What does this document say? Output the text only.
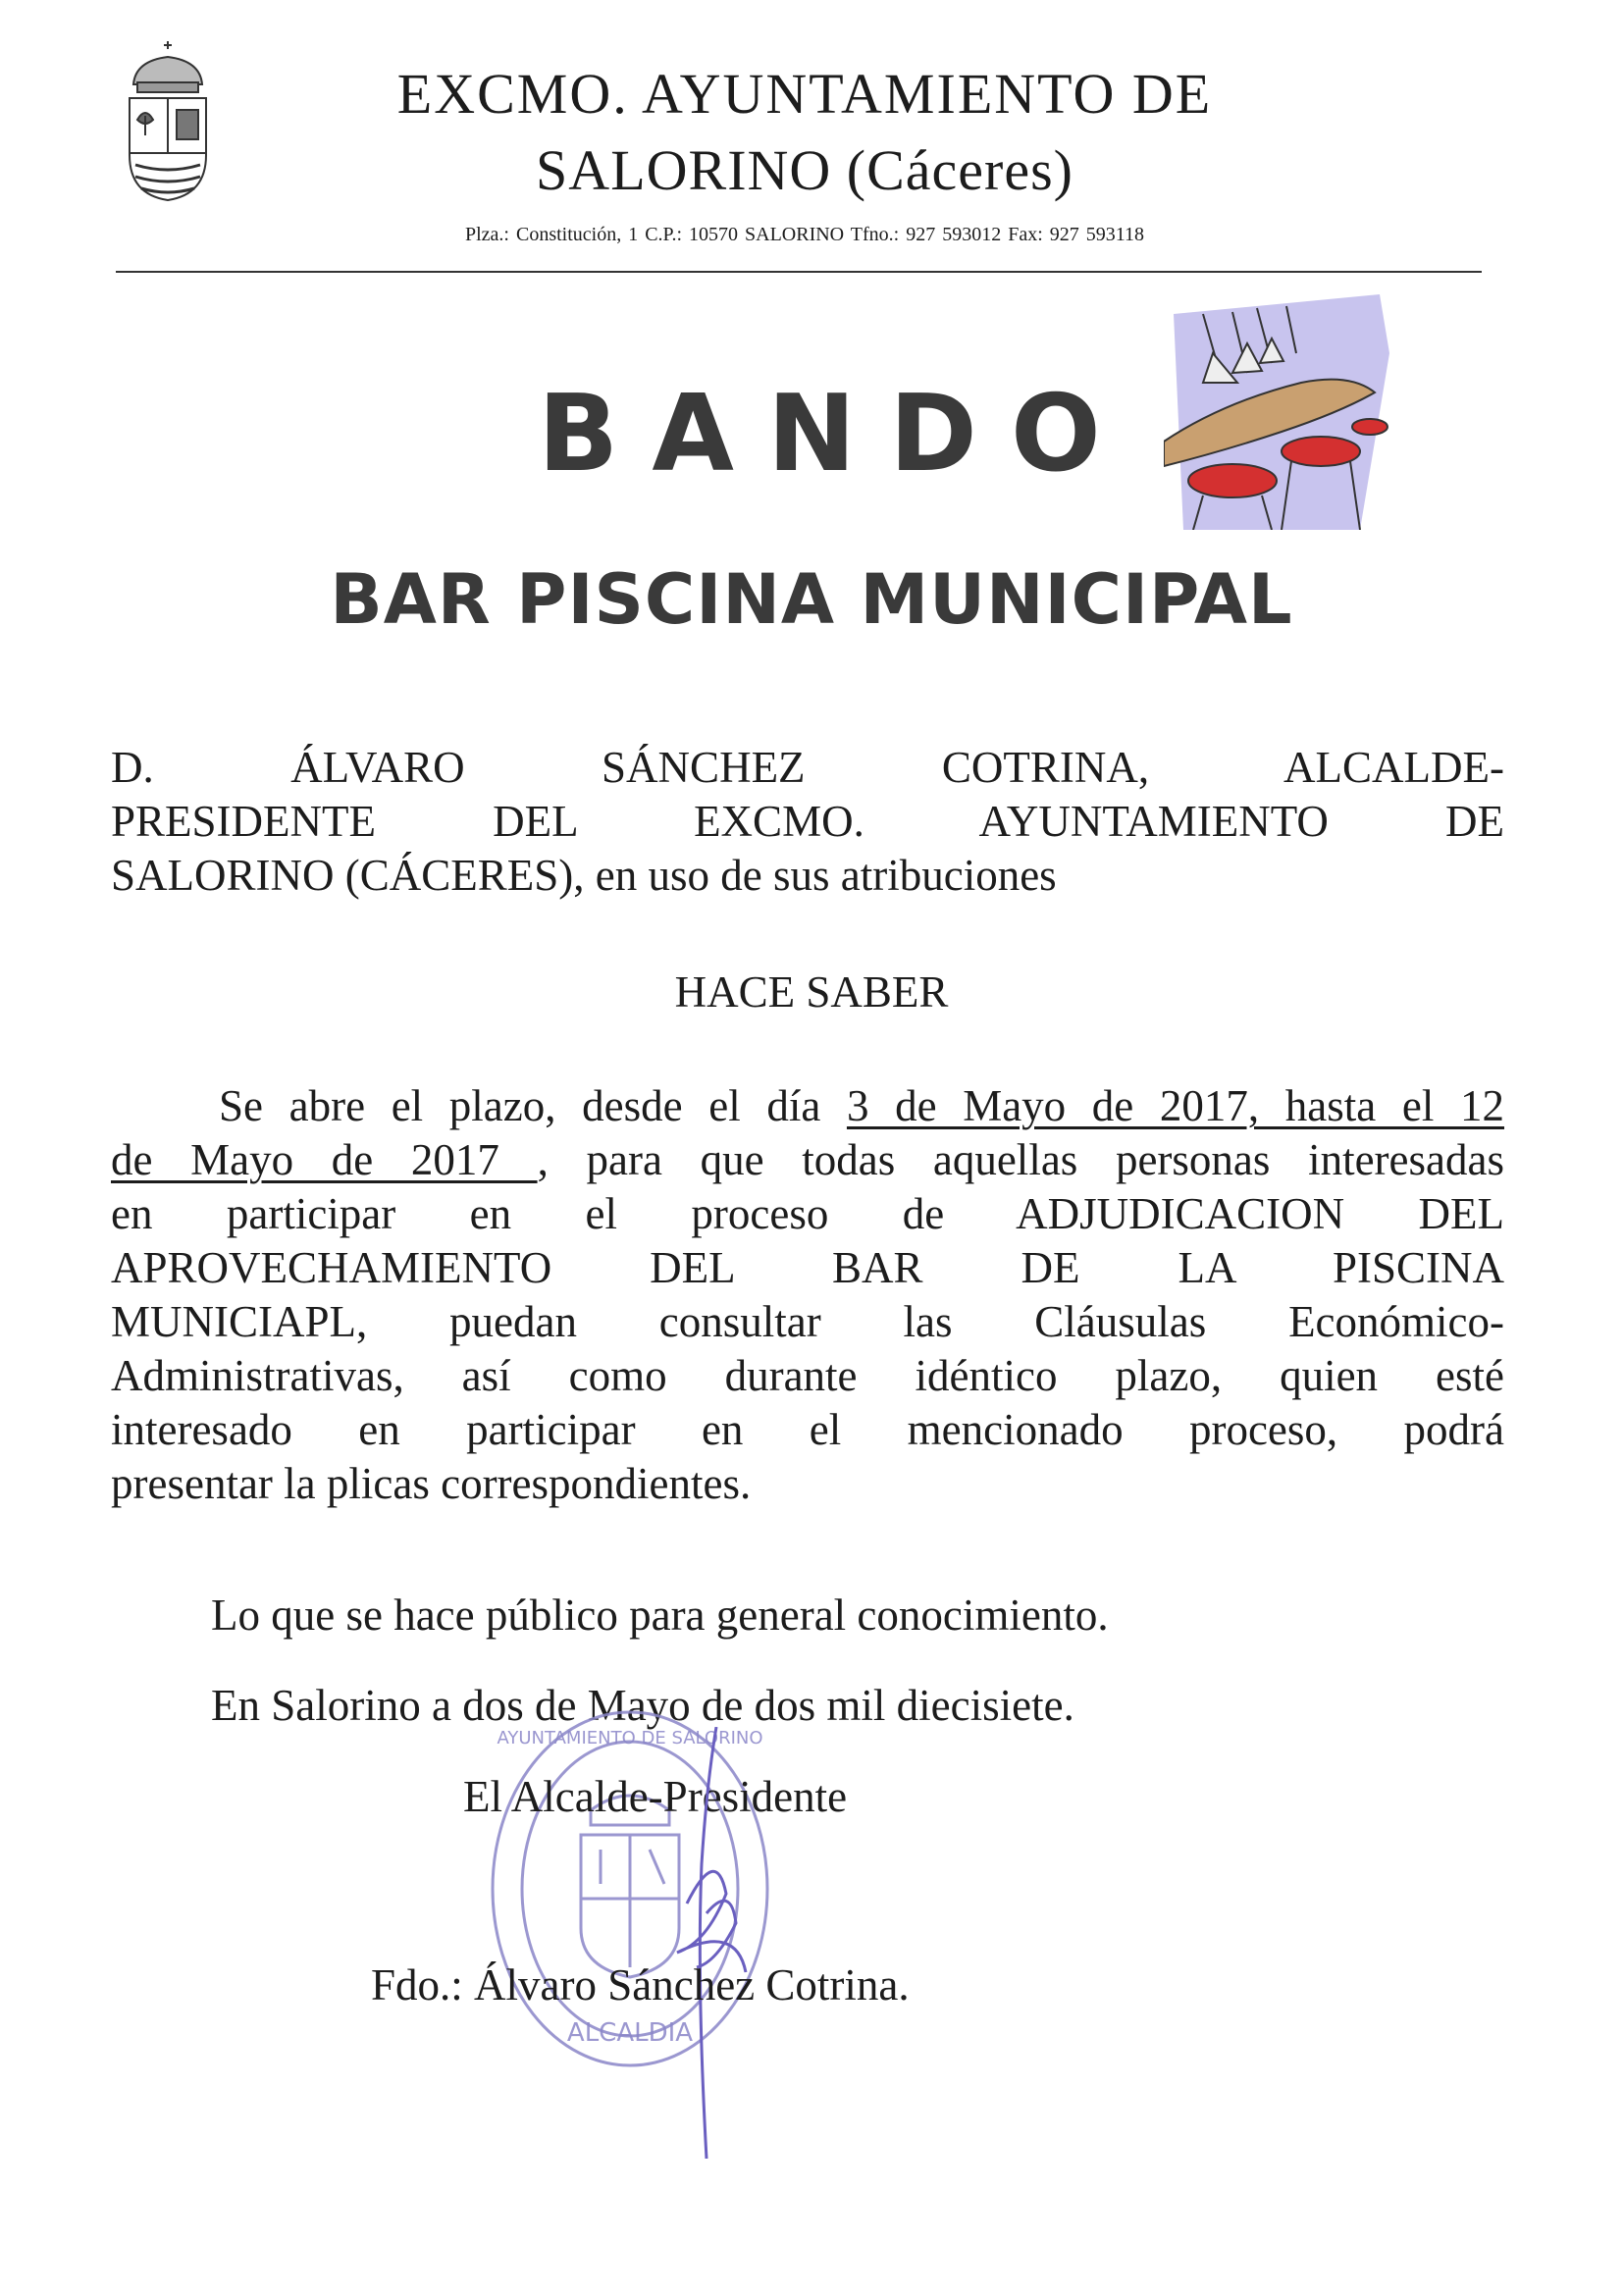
EXCMO. AYUNTAMIENTO DE
SALORINO (Cáceres)
Plza.: Constitución, 1 C.P.: 10570 SALORINO Tfno.: 927 593012 Fax: 927 593118
BANDO
BAR PISCINA MUNICIPAL
D. ÁLVARO SÁNCHEZ COTRINA, ALCALDE-
PRESIDENTE DEL EXCMO. AYUNTAMIENTO DE
SALORINO (CÁCERES), en uso de sus atribuciones
HACE SABER
Se abre el plazo, desde el día 3 de Mayo de 2017, hasta el 12
de Mayo de 2017 , para que todas aquellas personas interesadas
en participar en el proceso de ADJUDICACION DEL
APROVECHAMIENTO DEL BAR DE LA PISCINA
MUNICIAPL, puedan consultar las Cláusulas Económico-
Administrativas, así como durante idéntico plazo, quien esté
interesado en participar en el mencionado proceso, podrá
presentar la plicas correspondientes.
Lo que se hace público para general conocimiento.
En Salorino a dos de Mayo de dos mil diecisiete.
ALCALDIA
AYUNTAMIENTO DE SALORINO
El Alcalde-Presidente
Fdo.: Álvaro Sánchez Cotrina.
